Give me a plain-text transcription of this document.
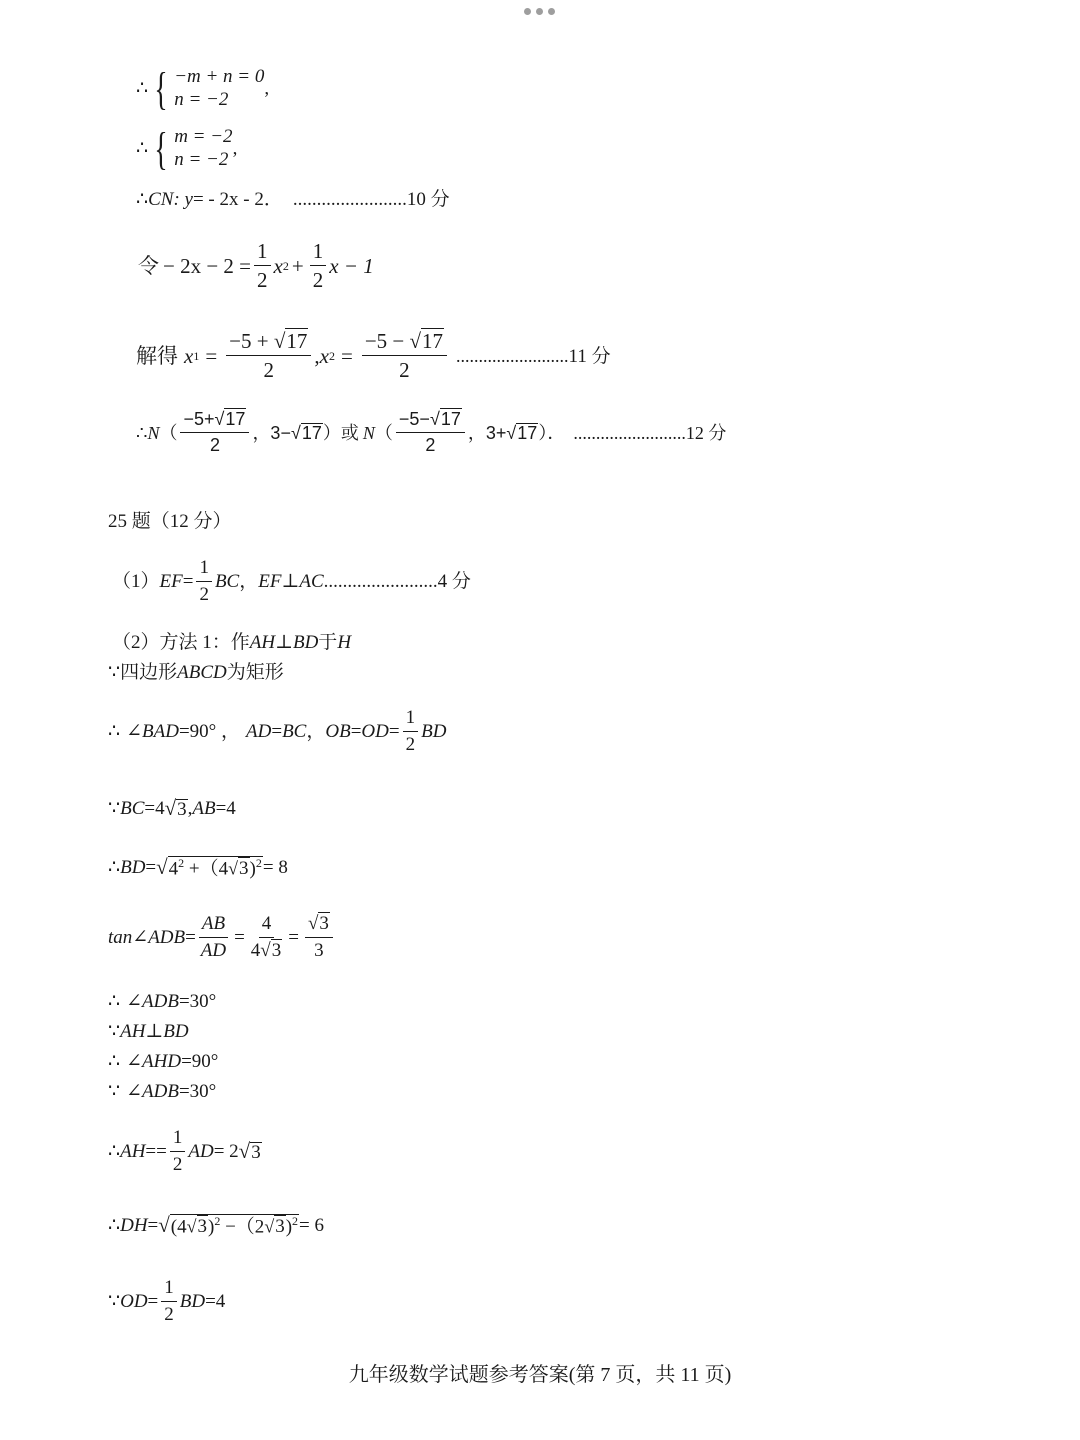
∴ { −m + n = 0
n = −2	,
∴ { m = −2
n = −2 ,
∴ CN: y = - 2x - 2． ........................ 10 分
令 − $2x - 2 = \frac{1}{2}$ x $2 + \frac{1}{2}$ x − 1
解得 x $1 = \frac{-5 + √17}{2}$ , x $2 = \frac{-5 - √17}{2}$ ......................... 11 分
∴ N （ $\frac{-5+√17}{2}$ ，3− √ 17 ）或 N （ $\frac{-5-√17}{2}$ ，3+ √ 17 ）． ......................... 12 分
25 题（12 分）
（1） EF = $\frac{1}{2}$ BC ， EF ⊥ AC ........................ 4 分
（2）方法 1：作 AH ⊥ BD 于 H
∵ 四边形 ABCD 为矩形
∴ ∠ BAD =90° ， AD = BC ， OB = OD = $\frac{1}{2}$ BD
∵ BC =4 √ 3 , AB =4
∴ BD = √ $4^2 +(4√3)^2 = 8$
tan ∠ ADB = $\frac{AB}{AD} = \frac{4}{4√3} = \frac{√3}{3}$
∴ ∠ ADB =30°
∵ AH ⊥ BD
∴ ∠ AHD =90°
∵ ∠ ADB =30°
∴ AH == $\frac{1}{2}$ AD = 2 √ 3
∴ DH = √ $(4√3)^2 -(2√3)^2 = 6$
∵ OD = $\frac{1}{2}$ BD =4
九年级数学试题参考答案(第 7 页，共 11 页)
